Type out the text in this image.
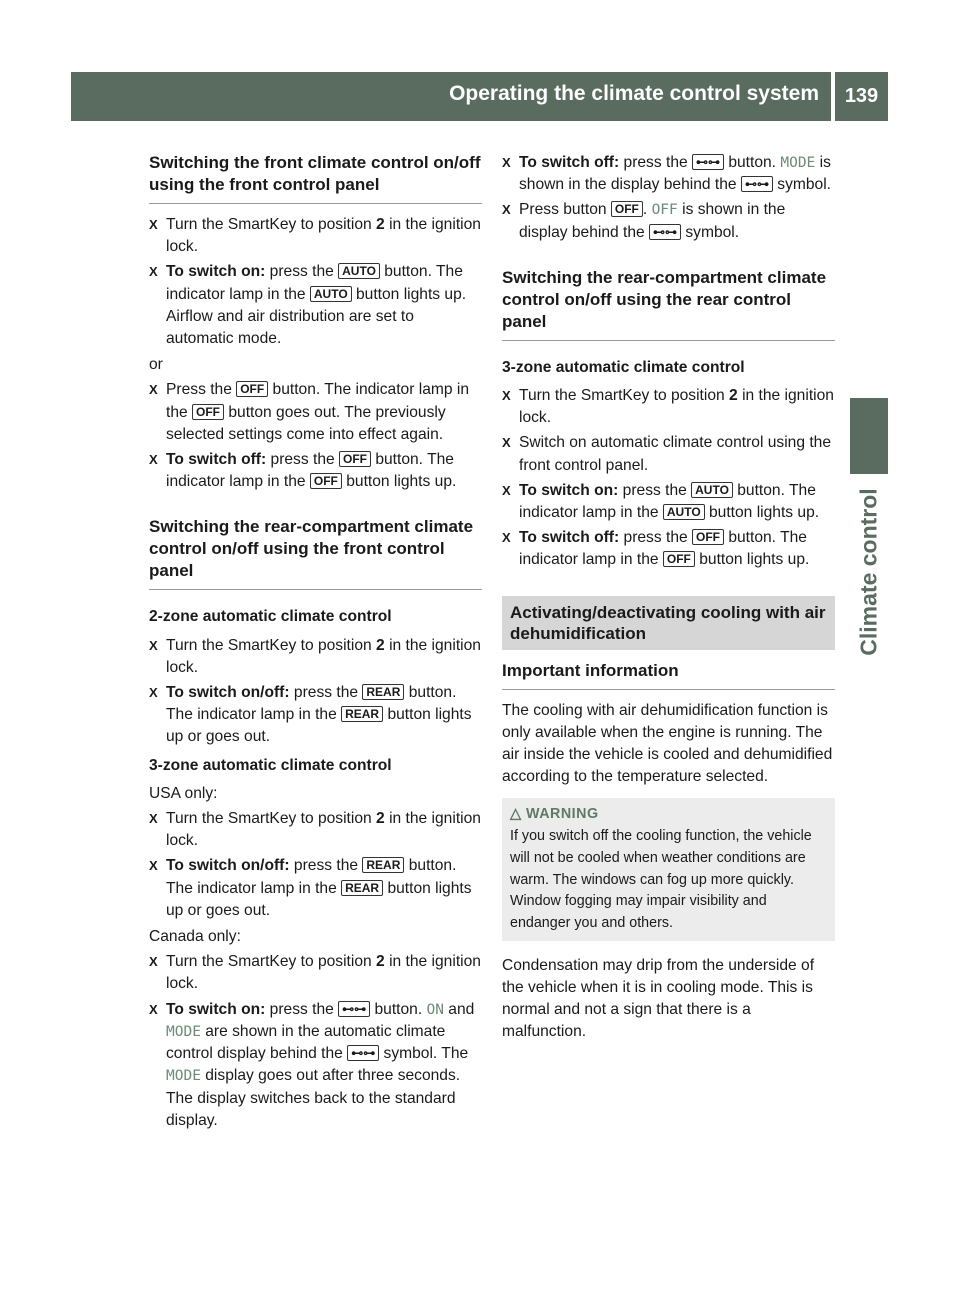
Operating the climate control system	139
Climate control

Switching the front climate control on/off using the front control panel

X Turn the SmartKey to position 2 in the ignition lock.
X To switch on: press the AUTO button. The indicator lamp in the AUTO button lights up. Airflow and air distribution are set to automatic mode.

or

X Press the OFF button. The indicator lamp in the OFF button goes out. The previously selected settings come into effect again.
X To switch off: press the OFF button. The indicator lamp in the OFF button lights up.

Switching the rear-compartment climate control on/off using the front control panel

2-zone automatic climate control

X Turn the SmartKey to position 2 in the ignition lock.
X To switch on/off: press the REAR button. The indicator lamp in the REAR button lights up or goes out.

3-zone automatic climate control

USA only:

X Turn the SmartKey to position 2 in the ignition lock.
X To switch on/off: press the REAR button. The indicator lamp in the REAR button lights up or goes out.

Canada only:

X Turn the SmartKey to position 2 in the ignition lock.
X To switch on: press the ⊷⊶ button. ON and MODE are shown in the automatic climate control display behind the ⊷⊶ symbol. The MODE display goes out after three seconds. The display switches back to the standard display.
X To switch off: press the ⊷⊶ button. MODE is shown in the display behind the ⊷⊶ symbol.
X Press button OFF . OFF is shown in the display behind the ⊷⊶ symbol.

Switching the rear-compartment climate control on/off using the rear control panel

3-zone automatic climate control

X Turn the SmartKey to position 2 in the ignition lock.
X Switch on automatic climate control using the front control panel.
X To switch on: press the AUTO button. The indicator lamp in the AUTO button lights up.
X To switch off: press the OFF button. The indicator lamp in the OFF button lights up.
Activating/deactivating cooling with air dehumidification

Important information

The cooling with air dehumidification function is only available when the engine is running. The air inside the vehicle is cooled and dehumidified according to the temperature selected.

△ WARNING
If you switch off the cooling function, the vehicle will not be cooled when weather conditions are warm. The windows can fog up more quickly. Window fogging may impair visibility and endanger you and others.

Condensation may drip from the underside of the vehicle when it is in cooling mode. This is normal and not a sign that there is a malfunction.
